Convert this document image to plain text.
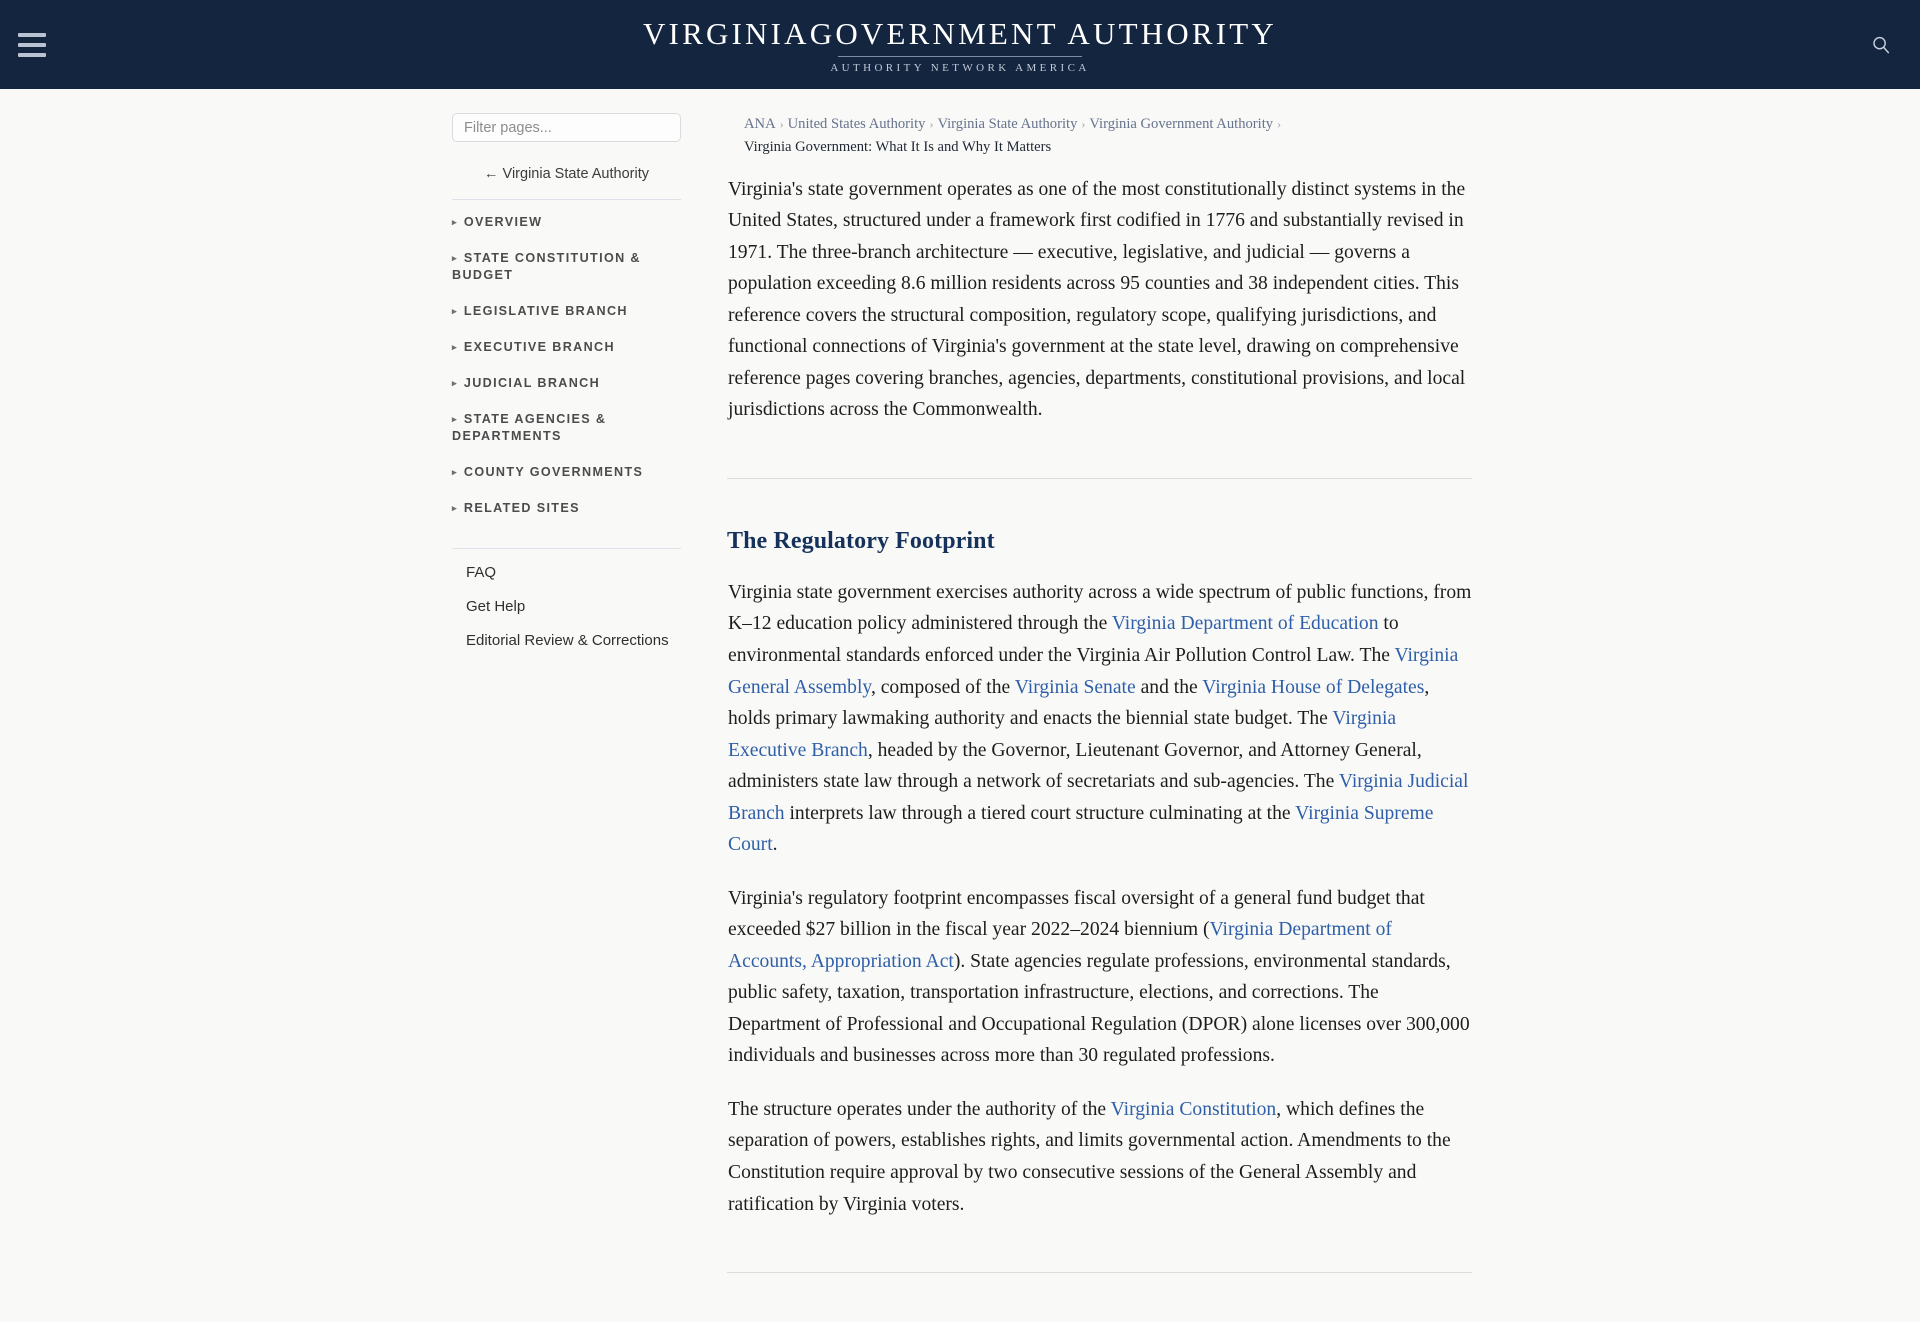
VIRGINIAGOVERNMENT AUTHORITY
AUTHORITY NETWORK AMERICA
Filter pages...
← Virginia State Authority
▸ OVERVIEW
▸ STATE CONSTITUTION & BUDGET
▸ LEGISLATIVE BRANCH
▸ EXECUTIVE BRANCH
▸ JUDICIAL BRANCH
▸ STATE AGENCIES & DEPARTMENTS
▸ COUNTY GOVERNMENTS
▸ RELATED SITES
FAQ
Get Help
Editorial Review & Corrections
ANA › United States Authority › Virginia State Authority › Virginia Government Authority ›
Virginia Government: What It Is and Why It Matters

Virginia's state government operates as one of the most constitutionally distinct systems in the United States, structured under a framework first codified in 1776 and substantially revised in 1971. The three-branch architecture — executive, legislative, and judicial — governs a population exceeding 8.6 million residents across 95 counties and 38 independent cities. This reference covers the structural composition, regulatory scope, qualifying jurisdictions, and functional connections of Virginia's government at the state level, drawing on comprehensive reference pages covering branches, agencies, departments, constitutional provisions, and local jurisdictions across the Commonwealth.

The Regulatory Footprint

Virginia state government exercises authority across a wide spectrum of public functions, from K–12 education policy administered through the Virginia Department of Education to environmental standards enforced under the Virginia Air Pollution Control Law. The Virginia General Assembly, composed of the Virginia Senate and the Virginia House of Delegates, holds primary lawmaking authority and enacts the biennial state budget. The Virginia Executive Branch, headed by the Governor, Lieutenant Governor, and Attorney General, administers state law through a network of secretariats and sub-agencies. The Virginia Judicial Branch interprets law through a tiered court structure culminating at the Virginia Supreme Court.

Virginia's regulatory footprint encompasses fiscal oversight of a general fund budget that exceeded $27 billion in the fiscal year 2022–2024 biennium (Virginia Department of Accounts, Appropriation Act). State agencies regulate professions, environmental standards, public safety, taxation, transportation infrastructure, elections, and corrections. The Department of Professional and Occupational Regulation (DPOR) alone licenses over 300,000 individuals and businesses across more than 30 regulated professions.

The structure operates under the authority of the Virginia Constitution, which defines the separation of powers, establishes rights, and limits governmental action. Amendments to the Constitution require approval by two consecutive sessions of the General Assembly and ratification by Virginia voters.
